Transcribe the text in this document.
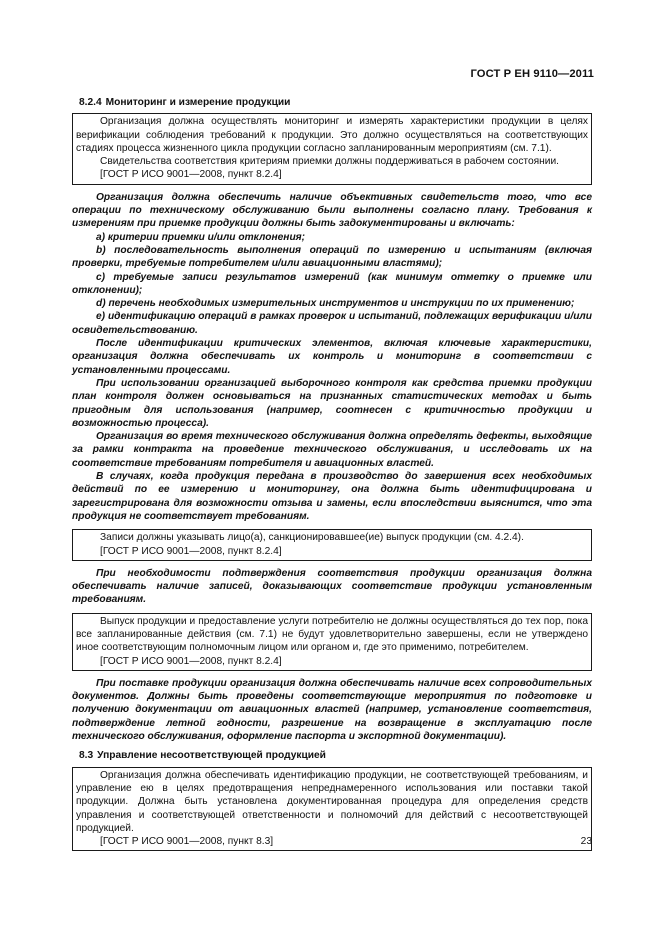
ГОСТ Р ЕН 9110—2011
8.2.4 Мониторинг и измерение продукции

Организация должна осуществлять мониторинг и измерять характеристики продукции в целях верификации соблюдения требований к продукции. Это должно осуществляться на соответствующих стадиях процесса жизненного цикла продукции согласно запланированным мероприятиям (см. 7.1).

Свидетельства соответствия критериям приемки должны поддерживаться в рабочем состоянии.

[ГОСТ Р ИСО 9001—2008, пункт 8.2.4]

Организация должна обеспечить наличие объективных свидетельств того, что все операции по техническому обслуживанию были выполнены согласно плану. Требования к измерениям при приемке продукции должны быть задокументированы и включать:

а) критерии приемки и/или отклонения;

b) последовательность выполнения операций по измерению и испытаниям (включая проверки, требуемые потребителем и/или авиационными властями);

с) требуемые записи результатов измерений (как минимум отметку о приемке или отклонении);

d) перечень необходимых измерительных инструментов и инструкции по их применению;

е) идентификацию операций в рамках проверок и испытаний, подлежащих верификации и/или освидетельствованию.

После идентификации критических элементов, включая ключевые характеристики, организация должна обеспечивать их контроль и мониторинг в соответствии с установленными процессами.

При использовании организацией выборочного контроля как средства приемки продукции план контроля должен основываться на признанных статистических методах и быть пригодным для использования (например, соотнесен с критичностью продукции и возможностью процесса).

Организация во время технического обслуживания должна определять дефекты, выходящие за рамки контракта на проведение технического обслуживания, и исследовать их на соответствие требованиям потребителя и авиационных властей.

В случаях, когда продукция передана в производство до завершения всех необходимых действий по ее измерению и мониторингу, она должна быть идентифицирована и зарегистрирована для возможности отзыва и замены, если впоследствии выяснится, что эта продукция не соответствует требованиям.

Записи должны указывать лицо(а), санкционировавшее(ие) выпуск продукции (см. 4.2.4).

[ГОСТ Р ИСО 9001—2008, пункт 8.2.4]

При необходимости подтверждения соответствия продукции организация должна обеспечивать наличие записей, доказывающих соответствие продукции установленным требованиям.

Выпуск продукции и предоставление услуги потребителю не должны осуществляться до тех пор, пока все запланированные действия (см. 7.1) не будут удовлетворительно завершены, если не утверждено иное соответствующим полномочным лицом или органом и, где это применимо, потребителем.

[ГОСТ Р ИСО 9001—2008, пункт 8.2.4]

При поставке продукции организация должна обеспечивать наличие всех сопроводительных документов. Должны быть проведены соответствующие мероприятия по подготовке и получению документации от авиационных властей (например, установление соответствия, подтверждение летной годности, разрешение на возвращение в эксплуатацию после технического обслуживания, оформление паспорта и экспортной документации).

8.3 Управление несоответствующей продукцией

Организация должна обеспечивать идентификацию продукции, не соответствующей требованиям, и управление ею в целях предотвращения непреднамеренного использования или поставки такой продукции. Должна быть установлена документированная процедура для определения средств управления и соответствующей ответственности и полномочий для действий с несоответствующей продукцией.

[ГОСТ Р ИСО 9001—2008, пункт 8.3]	23
